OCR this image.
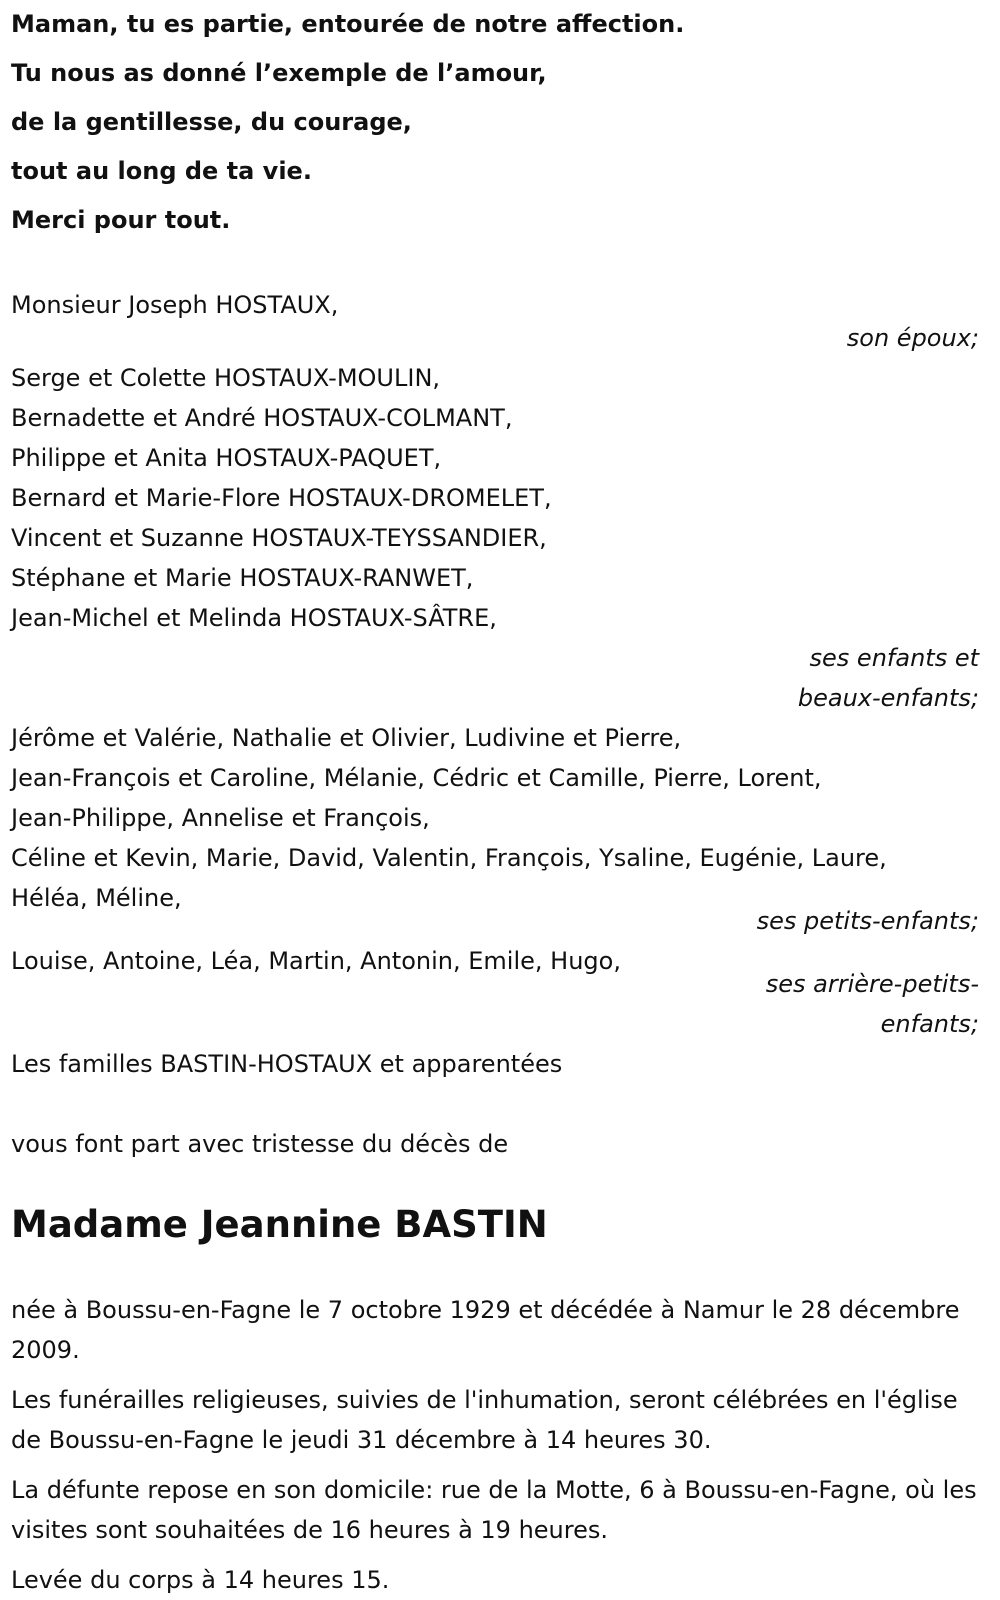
Maman, tu es partie, entourée de notre affection.
Tu nous as donné l’exemple de l’amour,
de la gentillesse, du courage,
tout au long de ta vie.
Merci pour tout.
Monsieur Joseph HOSTAUX,
son époux;
Serge et Colette HOSTAUX-MOULIN,
Bernadette et André HOSTAUX-COLMANT,
Philippe et Anita HOSTAUX-PAQUET,
Bernard et Marie-Flore HOSTAUX-DROMELET,
Vincent et Suzanne HOSTAUX-TEYSSANDIER,
Stéphane et Marie HOSTAUX-RANWET,
Jean-Michel et Melinda HOSTAUX-SÂTRE,
ses enfants et
beaux-enfants;
Jérôme et Valérie, Nathalie et Olivier, Ludivine et Pierre,
Jean-François et Caroline, Mélanie, Cédric et Camille, Pierre, Lorent,
Jean-Philippe, Annelise et François,
Céline et Kevin, Marie, David, Valentin, François, Ysaline, Eugénie, Laure,
Héléa, Méline,
ses petits-enfants;
Louise, Antoine, Léa, Martin, Antonin, Emile, Hugo,
ses arrière-petits-
enfants;
Les familles BASTIN-HOSTAUX et apparentées
vous font part avec tristesse du décès de
Madame Jeannine BASTIN
née à Boussu-en-Fagne le 7 octobre 1929 et décédée à Namur le 28 décembre 2009.
Les funérailles religieuses, suivies de l'inhumation, seront célébrées en l'église de Boussu-en-Fagne le jeudi 31 décembre à 14 heures 30.
La défunte repose en son domicile: rue de la Motte, 6 à Boussu-en-Fagne, où les visites sont souhaitées de 16 heures à 19 heures.
Levée du corps à 14 heures 15.
